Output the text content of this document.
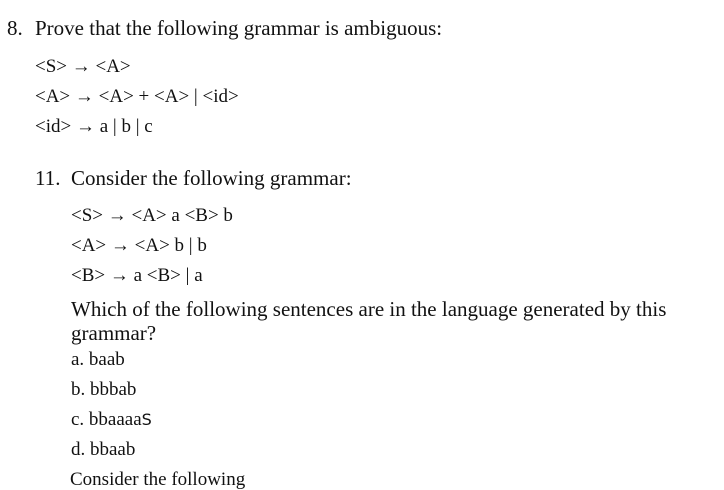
8. Prove that the following grammar is ambiguous:
<S> → <A>
<A> → <A> + <A> | <id>
<id> → a | b | c
11. Consider the following grammar:
<S> → <A> a <B> b
<A> → <A> b | b
<B> → a <B> | a
Which of the following sentences are in the language generated by this
grammar?
a. baab
b. bbbab
c. bbaaaaS
d. bbaab
Consider the following
